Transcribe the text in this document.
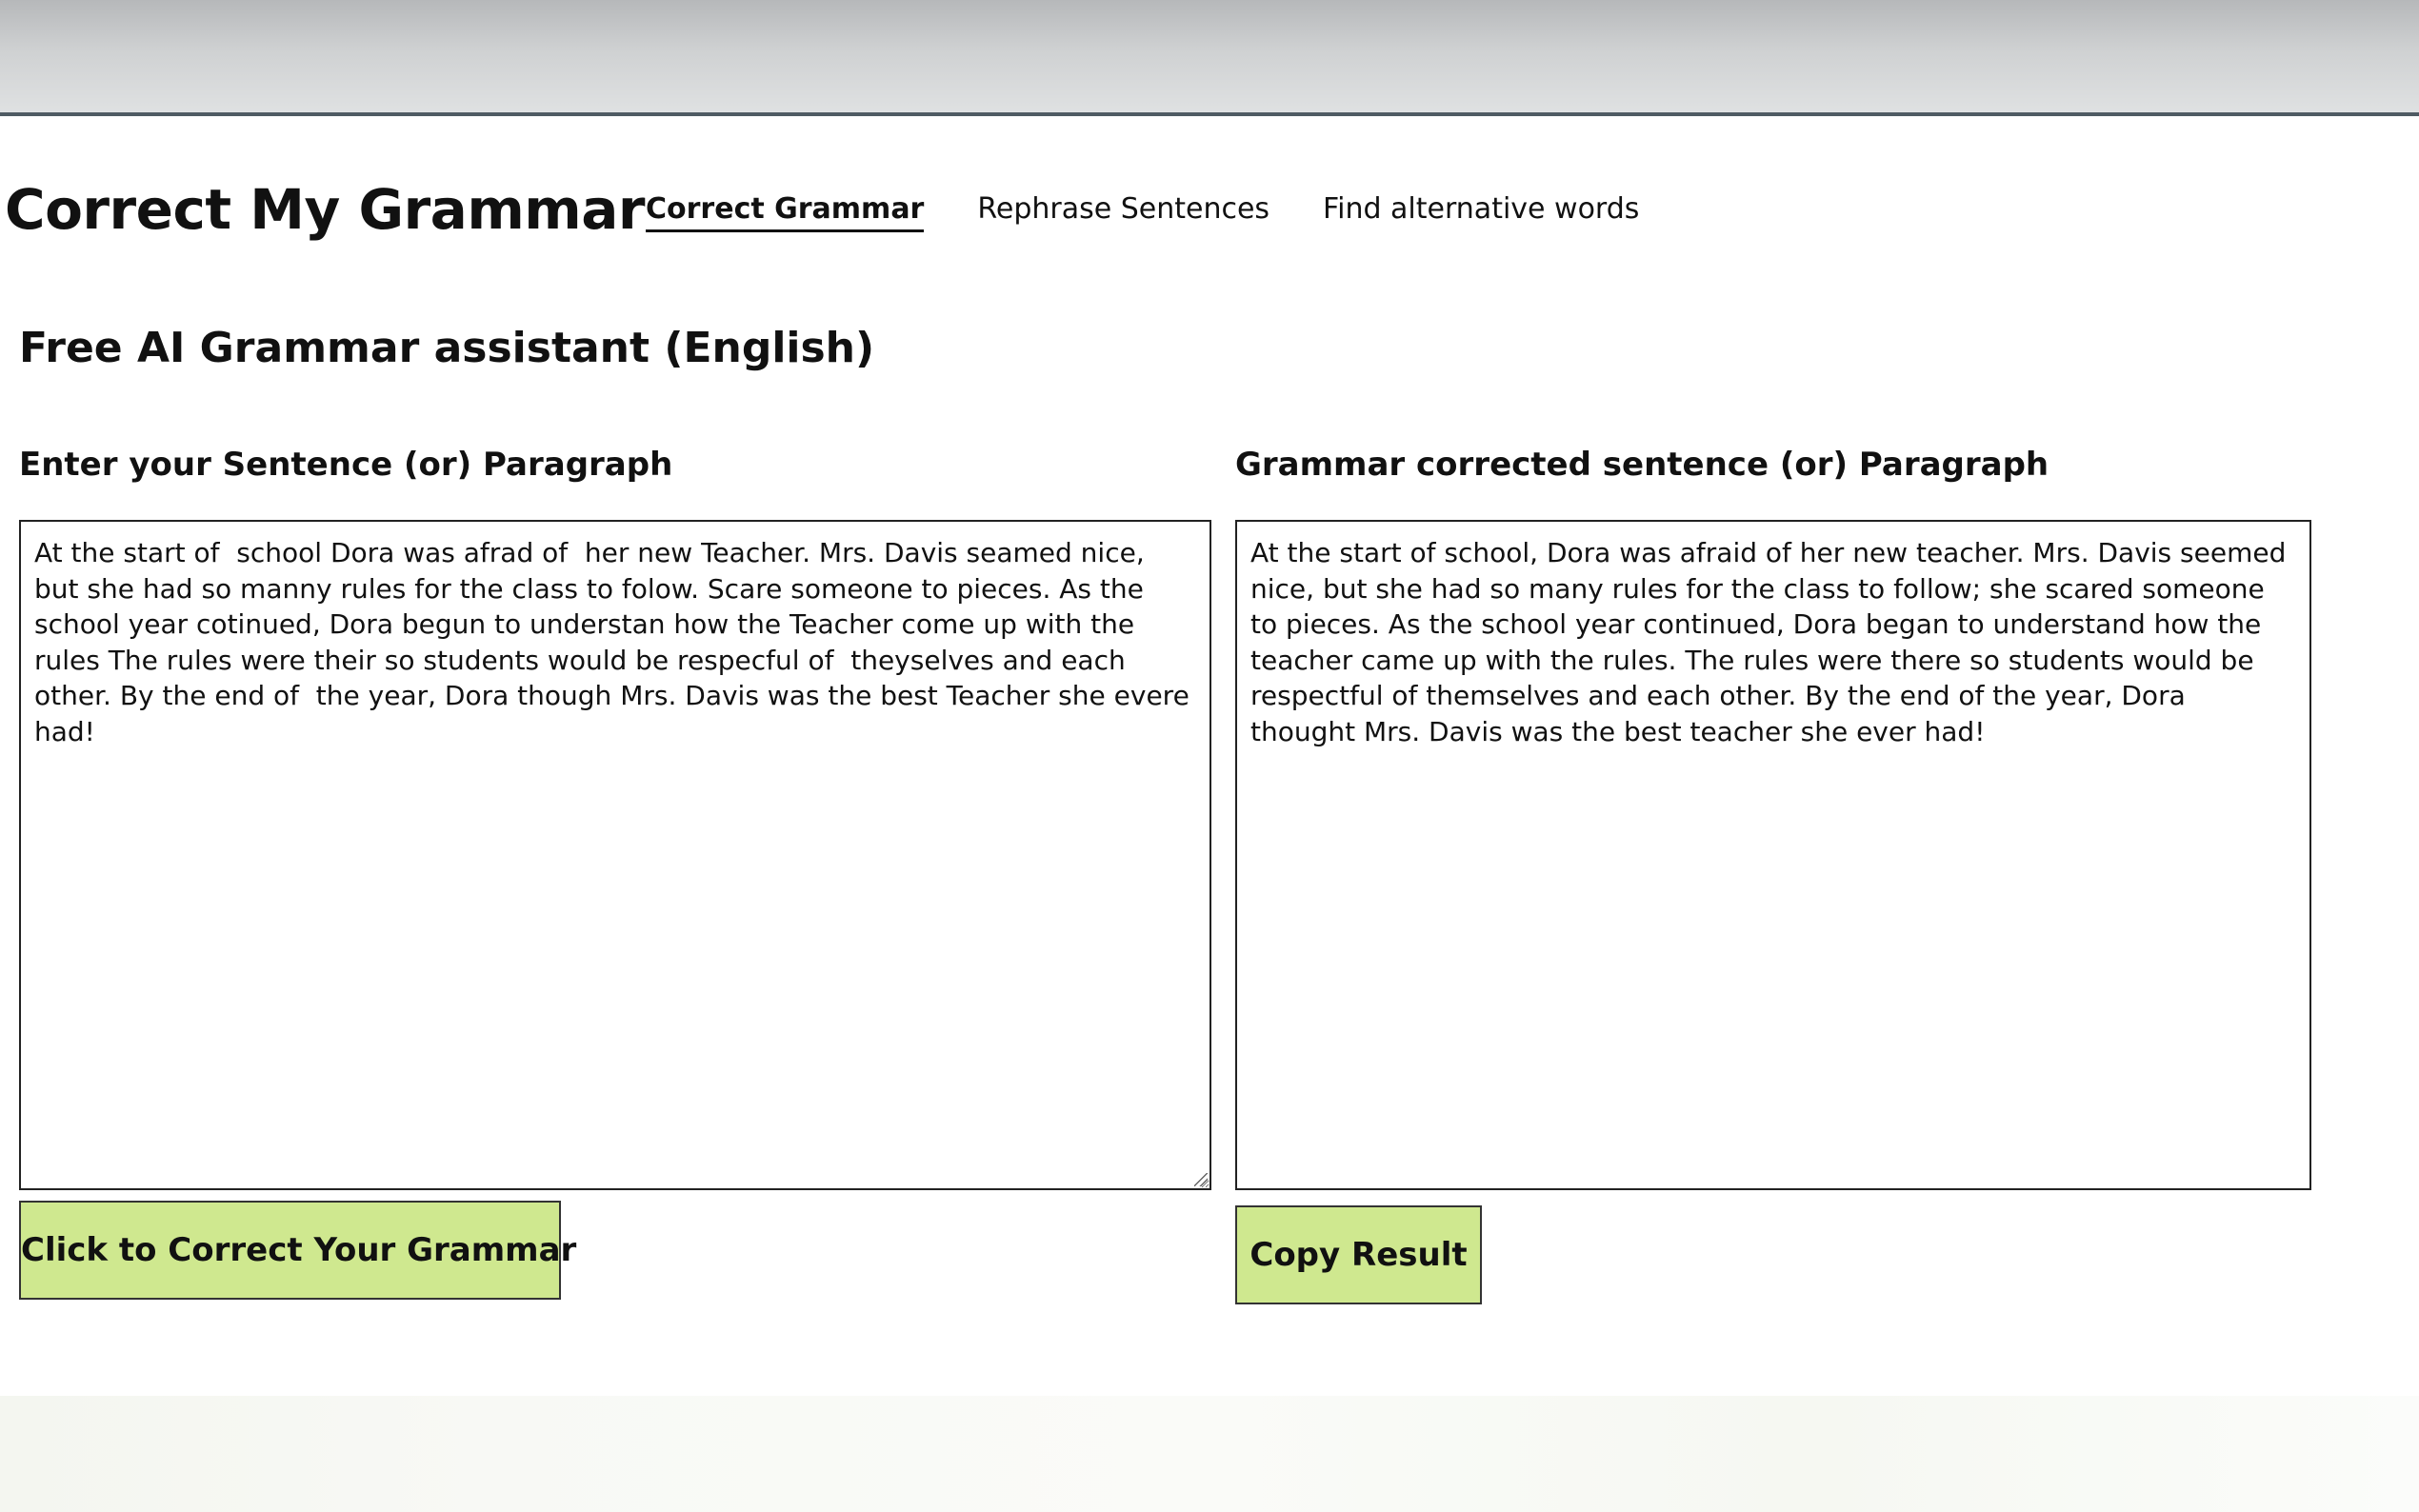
Correct My Grammar Correct Grammar Rephrase Sentences Find alternative words
Free AI Grammar assistant (English)
Enter your Sentence (or) Paragraph	Grammar corrected sentence (or) Paragraph
At the start of school Dora was afrad of her new Teacher. Mrs. Davis seamed nice, but she had so manny rules for the class to folow. Scare someone to pieces. As the school year cotinued, Dora begun to understan how the Teacher come up with the rules The rules were their so students would be respecful of theyselves and each other. By the end of the year, Dora though Mrs. Davis was the best Teacher she evere had!
At the start of school, Dora was afraid of her new teacher. Mrs. Davis seemed nice, but she had so many rules for the class to follow; she scared someone to pieces. As the school year continued, Dora began to understand how the teacher came up with the rules. The rules were there so students would be respectful of themselves and each other. By the end of the year, Dora thought Mrs. Davis was the best teacher she ever had!
Click to Correct Your Grammar	Copy Result
